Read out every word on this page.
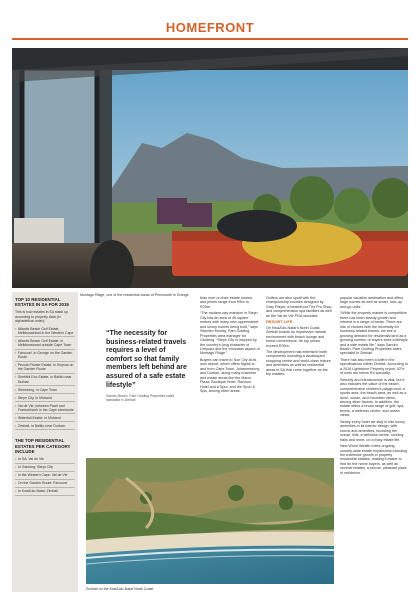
HOMEFRONT
Montagu Ridge, one of the residential areas of Pennosuth in Grange
TOP 10 RESIDENTIAL ESTATES IN SA FOR 2019
This is how estates in SA stack up according to property data (in alphabetical order):
• Atlantic Beach Golf Estate, Melkbosstrand in the Western Cape
• Atlantic Beach Golf Estate, in Melkbosstrand outside Cape Town
• Fancourt, in George on the Garden Route
• Pezula Private Estate, in Knysna on the Garden Route
• Simbithi Eco-Estate, in Ballito near Durban
• Steenberg, in Cape Town
• Steyn City, in Midrand
• Val de Vie, between Paarl and Franschhoek in the Cape winelands
• Waterfall Estate, in Midrand
• Zimbali, in Ballito near Durban
THE TOP RESIDENTIAL ESTATES PER CATEGORY INCLUDE
• In SA: Val de Vie
• In Gauteng: Steyn City
• In the Western Cape: Val de Vie
• On the Garden Route: Fancourt
• In KwaZulu-Natal: Zimbali
“The necessity for business-related travels requires a level of comfort so that family members left behind are assured of a safe estate lifestyle”
Sandro Beach, Pam Golding Properties sales specialist in Zimbali

than ever on their estate homes, and prices range from R8m to R25m.

“The modern-day mansion in Steyn City has an area of 45 square metres with many new uppermarket and luxury homes being built,” says Stephen Murray, Pam Golding Properties area manager for Gauteng. “Steyn City is inspired by the country's long character of Limpopo and the mountain aspect of Montagu Ridge.”

Buyers can travel to Sun City at its own airport, which offers flights to and from Cape Town, Johannesburg and Durban, along many business and estate areas like the Marco Plaza, Boutique Hotel, Rancour Hotel and a Spur, and the Sport & Spa, among other areas.

Golfers are also spoilt with the championship courses designed by Gary Player, a beachfront The Pro Shop and comprehensive spa facilities as well as the Val de Vie PGA stockists.

RESORT LIFE

On KwaZulu-Natal's North Coast, Zimbali boasts an impressive natural environment with beach lounge and forest convenience. Its top prices exceed R30m.

The development has extensive hotel components including a landscaped shopping centre and world-class leisure and amenities as well as residential areas in SA that come together as the top estates.

popular vacation destination and offers large homes as well as smart, lock-up-and-go units.

“While the property market is competitive there has been steady growth and interest in a range of areas. There are lots of choices with the necessity for business-related travels; we see a growing demand for residential land as a growing number of buyers seek a lifestyle and a safe estate life,” says Sandro Beach, Pam Golding Properties sales specialist in Zimbali.

There has also been a shift in the specifications within Zimbali. According to a 2018 Lightstone Property report, 52% of units are below R4 specialty.

Security and infrastructure is vital, but it also includes the value of the beach, comprehensive children's playground, a sports area, the beach area, as well as a dune, ocean, and mountain views, among other factors. In addition, the estate offers a broad range of golf, spa, tennis, a wellness centre, and ocean views.

Nearly every hotel we stay in has luxury amenities in its interior design, with rooms and amenities, including the ocean, hills, a wellness centre, running trails and more, on a busy estate life.

New World Wealth notes ongoing country-wide estate expansions including the extensive growth in property residential estates, making it easier to find for the home buyers, as well as several estates, a secure, pleasant place of residence.

Zimbali on the KwaZulu-Natal North Coast
